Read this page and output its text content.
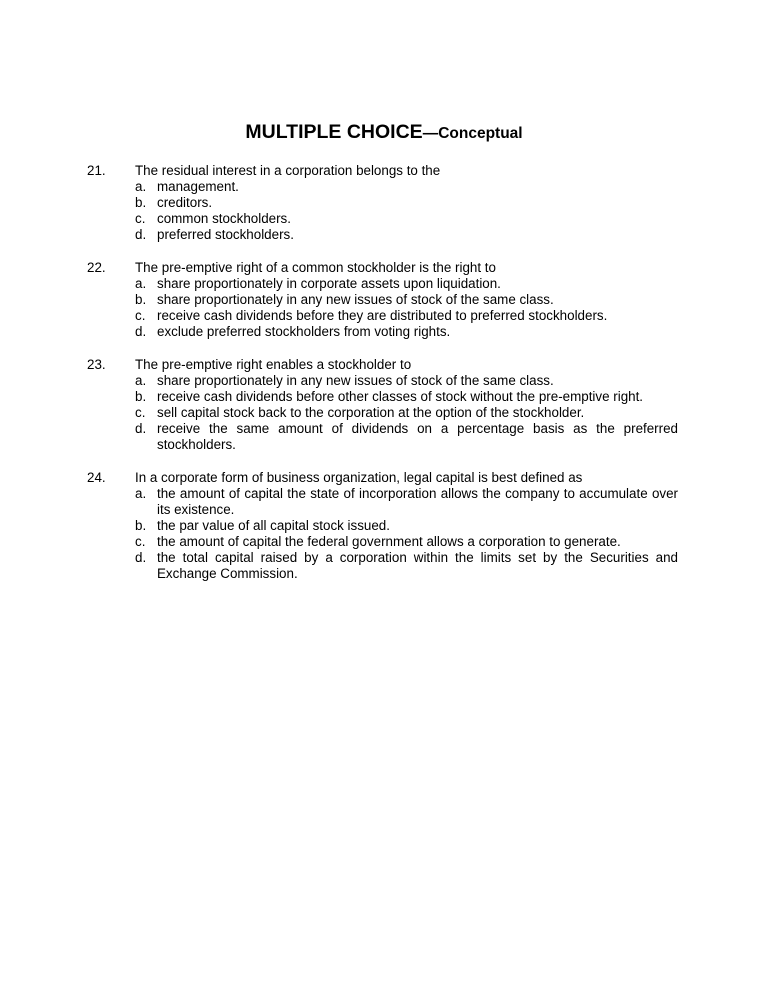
MULTIPLE CHOICE—Conceptual
21. The residual interest in a corporation belongs to the
a. management.
b. creditors.
c. common stockholders.
d. preferred stockholders.
22. The pre-emptive right of a common stockholder is the right to
a. share proportionately in corporate assets upon liquidation.
b. share proportionately in any new issues of stock of the same class.
c. receive cash dividends before they are distributed to preferred stockholders.
d. exclude preferred stockholders from voting rights.
23. The pre-emptive right enables a stockholder to
a. share proportionately in any new issues of stock of the same class.
b. receive cash dividends before other classes of stock without the pre-emptive right.
c. sell capital stock back to the corporation at the option of the stockholder.
d. receive the same amount of dividends on a percentage basis as the preferred stockholders.
24. In a corporate form of business organization, legal capital is best defined as
a. the amount of capital the state of incorporation allows the company to accumulate over its existence.
b. the par value of all capital stock issued.
c. the amount of capital the federal government allows a corporation to generate.
d. the total capital raised by a corporation within the limits set by the Securities and Exchange Commission.
